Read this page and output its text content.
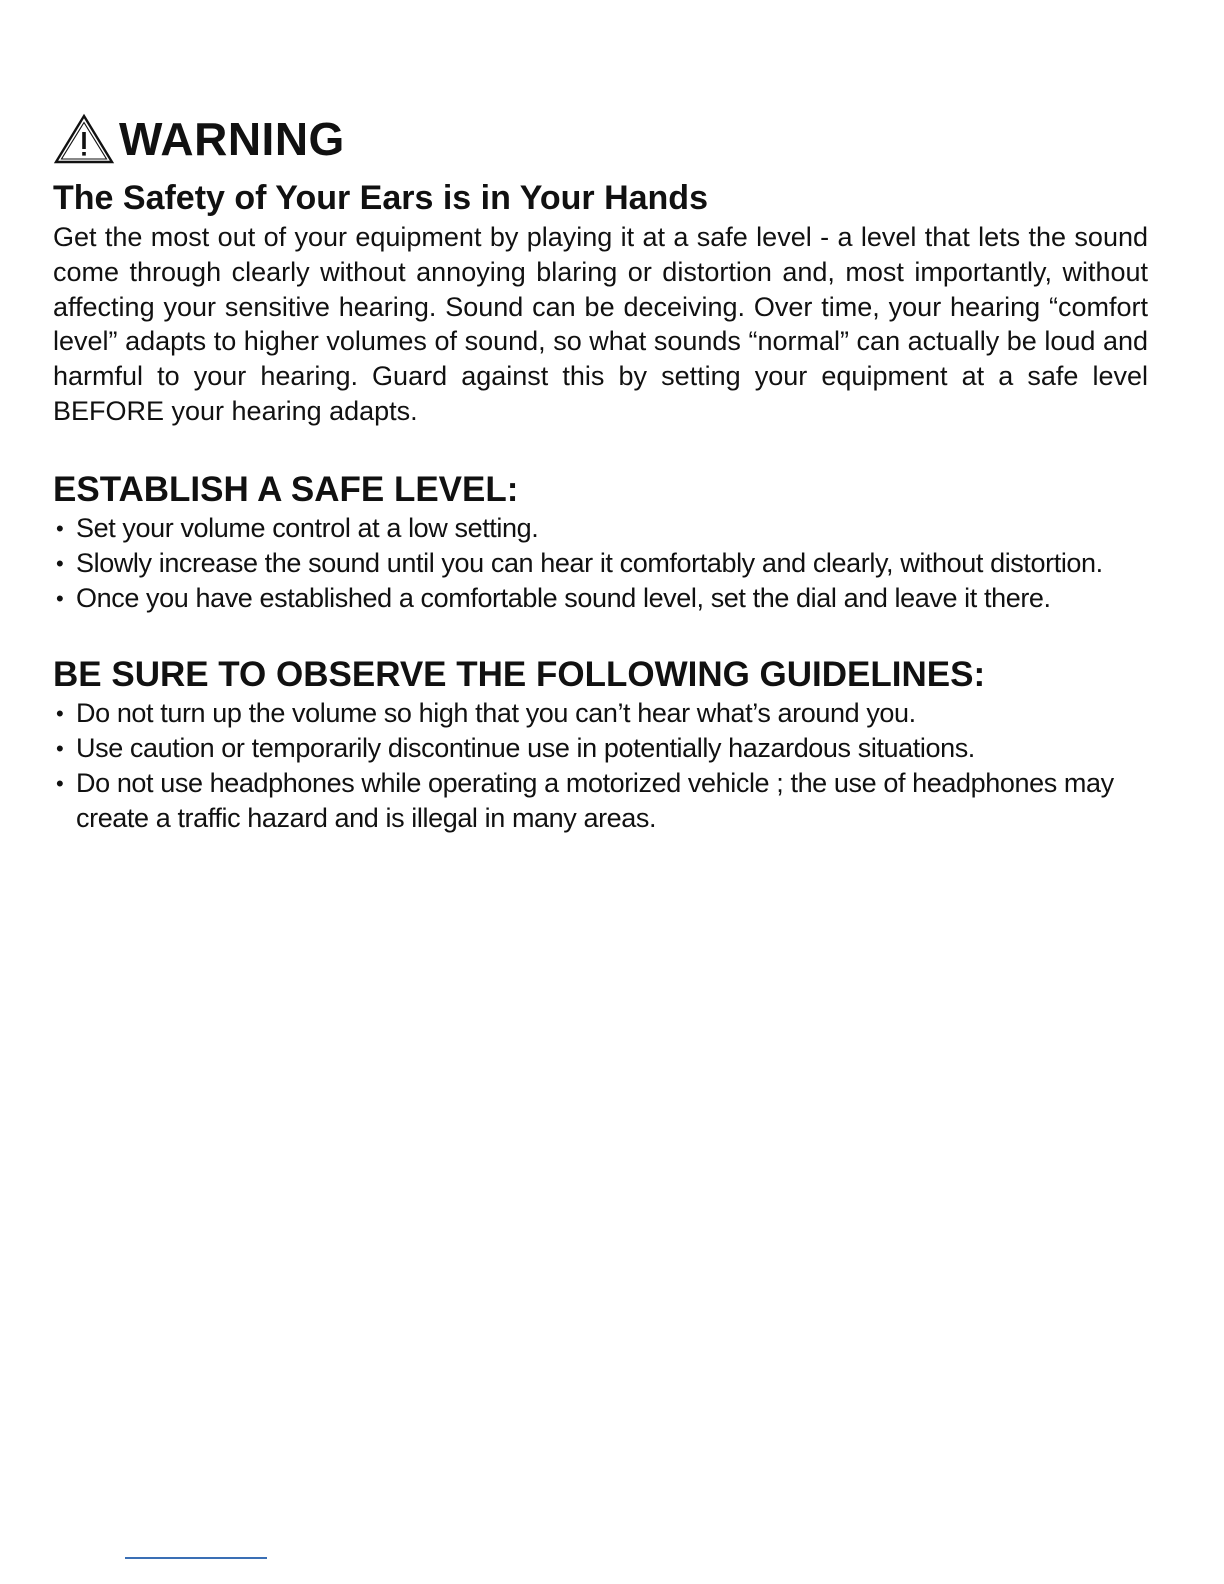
WARNING
The Safety of Your Ears is in Your Hands

Get the most out of your equipment by playing it at a safe level - a level that lets the sound come through clearly without annoying blaring or distortion and, most importantly, without affecting your sensitive hearing. Sound can be deceiving. Over time, your hearing “comfort level” adapts to higher volumes of sound, so what sounds “normal” can actually be loud and harmful to your hearing. Guard against this by setting your equipment at a safe level BEFORE your hearing adapts.

ESTABLISH A SAFE LEVEL:
• Set your volume control at a low setting.
• Slowly increase the sound until you can hear it comfortably and clearly, without distortion.
• Once you have established a comfortable sound level, set the dial and leave it there.
BE SURE TO OBSERVE THE FOLLOWING GUIDELINES:
• Do not turn up the volume so high that you can’t hear what’s around you.
• Use caution or temporarily discontinue use in potentially hazardous situations.
• Do not use headphones while operating a motorized vehicle ; the use of headphones may create a traffic hazard and is illegal in many areas.
